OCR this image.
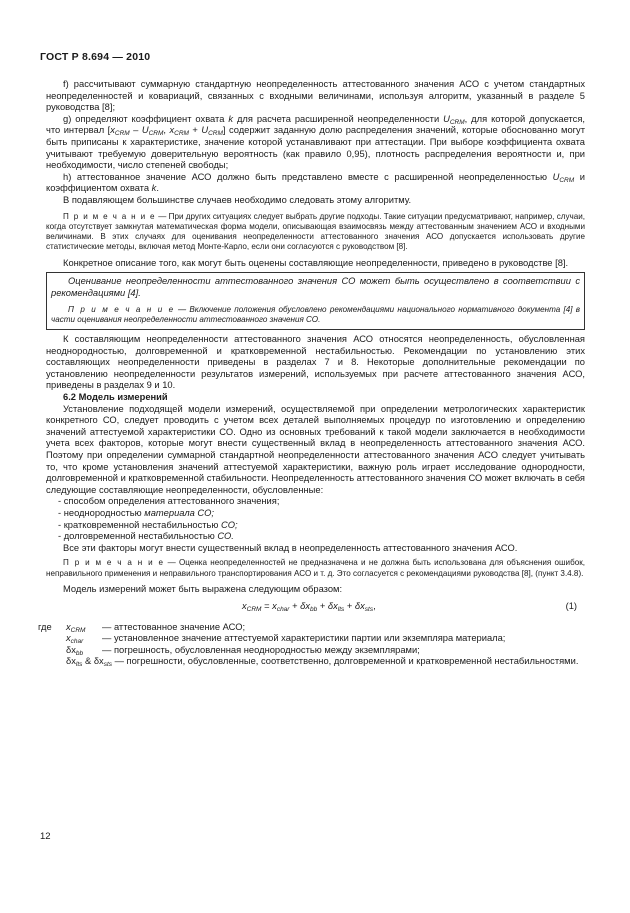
ГОСТ Р 8.694 — 2010

f) рассчитывают суммарную стандартную неопределенность аттестованного значения АСО с учетом стандартных неопределенностей и ковариаций, связанных с входными величинами, используя алгоритм, указанный в разделе 5 руководства [8];

g) определяют коэффициент охвата k для расчета расширенной неопределенности $U_{CRM}$, для которой допускается, что интервал [$x_{CRM} - U_{CRM}$, $x_{CRM} + U_{CRM}$] содержит заданную долю распределения значений, которые обоснованно могут быть приписаны к характеристике, значение которой устанавливают при аттестации. При выборе коэффициента охвата учитывают требуемую доверительную вероятность (как правило 0,95), плотность распределения вероятности и, при необходимости, число степеней свободы;

h) аттестованное значение АСО должно быть представлено вместе с расширенной неопределенностью $U_{CRM}$ и коэффициентом охвата k.

В подавляющем большинстве случаев необходимо следовать этому алгоритму.

П р и м е ч а н и е — При других ситуациях следует выбрать другие подходы. Такие ситуации предусматривают, например, случаи, когда отсутствует замкнутая математическая форма модели, описывающая взаимосвязь между аттестованным значением АСО и входными величинами. В этих случаях для оценивания неопределенности аттестованного значения АСО допускается использовать другие статистические методы, включая метод Монте-Карло, если они согласуются с руководством [8].

Конкретное описание того, как могут быть оценены составляющие неопределенности, приведено в руководстве [8].

Оценивание неопределенности аттестованного значения СО может быть осуществлено в соответствии с рекомендациями [4].

П р и м е ч а н и е — Включение положения обусловлено рекомендациями национального нормативного документа [4] в части оценивания неопределенности аттестованного значения СО.

К составляющим неопределенности аттестованного значения АСО относятся неопределенность, обусловленная неоднородностью, долговременной и кратковременной нестабильностью. Рекомендации по установлению этих составляющих неопределенности приведены в разделах 7 и 8. Некоторые дополнительные рекомендации по установлению неопределенности результатов измерений, используемых при расчете аттестованного значения АСО, приведены в разделах 9 и 10.

6.2 Модель измерений

Установление подходящей модели измерений, осуществляемой при определении метрологических характеристик конкретного СО, следует проводить с учетом всех деталей выполняемых процедур по изготовлению и определению значений аттестуемой характеристики СО. Одно из основных требований к такой модели заключается в необходимости учета всех факторов, которые могут внести существенный вклад в неопределенность аттестованного значения АСО. Поэтому при определении суммарной стандартной неопределенности аттестованного значения АСО следует учитывать то, что кроме установления значений аттестуемой характеристики, важную роль играет исследование однородности, долговременной и кратковременной стабильности. Неопределенность аттестованного значения СО может включать в себя следующие составляющие неопределенности, обусловленные:

- способом определения аттестованного значения;

- неоднородностью материала СО;

- кратковременной нестабильностью СО;

- долговременной нестабильностью СО.

Все эти факторы могут внести существенный вклад в неопределенность аттестованного значения АСО.

П р и м е ч а н и е — Оценка неопределенностей не предназначена и не должна быть использована для объяснения ошибок, неправильного применения и неправильного транспортирования АСО и т. д. Это согласуется с рекомендациями руководства [8], (пункт 3.4.8).

Модель измерений может быть выражена следующим образом:

$x_{CRM} = x_{char} + \delta x_{bb} + \delta x_{lts} + \delta x_{sts}$,	(1)
где $x_{CRM}$ — аттестованное значение АСО;
$x_{char}$ — установленное значение аттестуемой характеристики партии или экземпляра материала;
$\delta x_{bb}$ — погрешность, обусловленная неоднородностью между экземплярами;

$\delta x_{lts}$ & $\delta x_{sts}$ — погрешности, обусловленные, соответственно, долговременной и кратковременной нестабильностями.

12
